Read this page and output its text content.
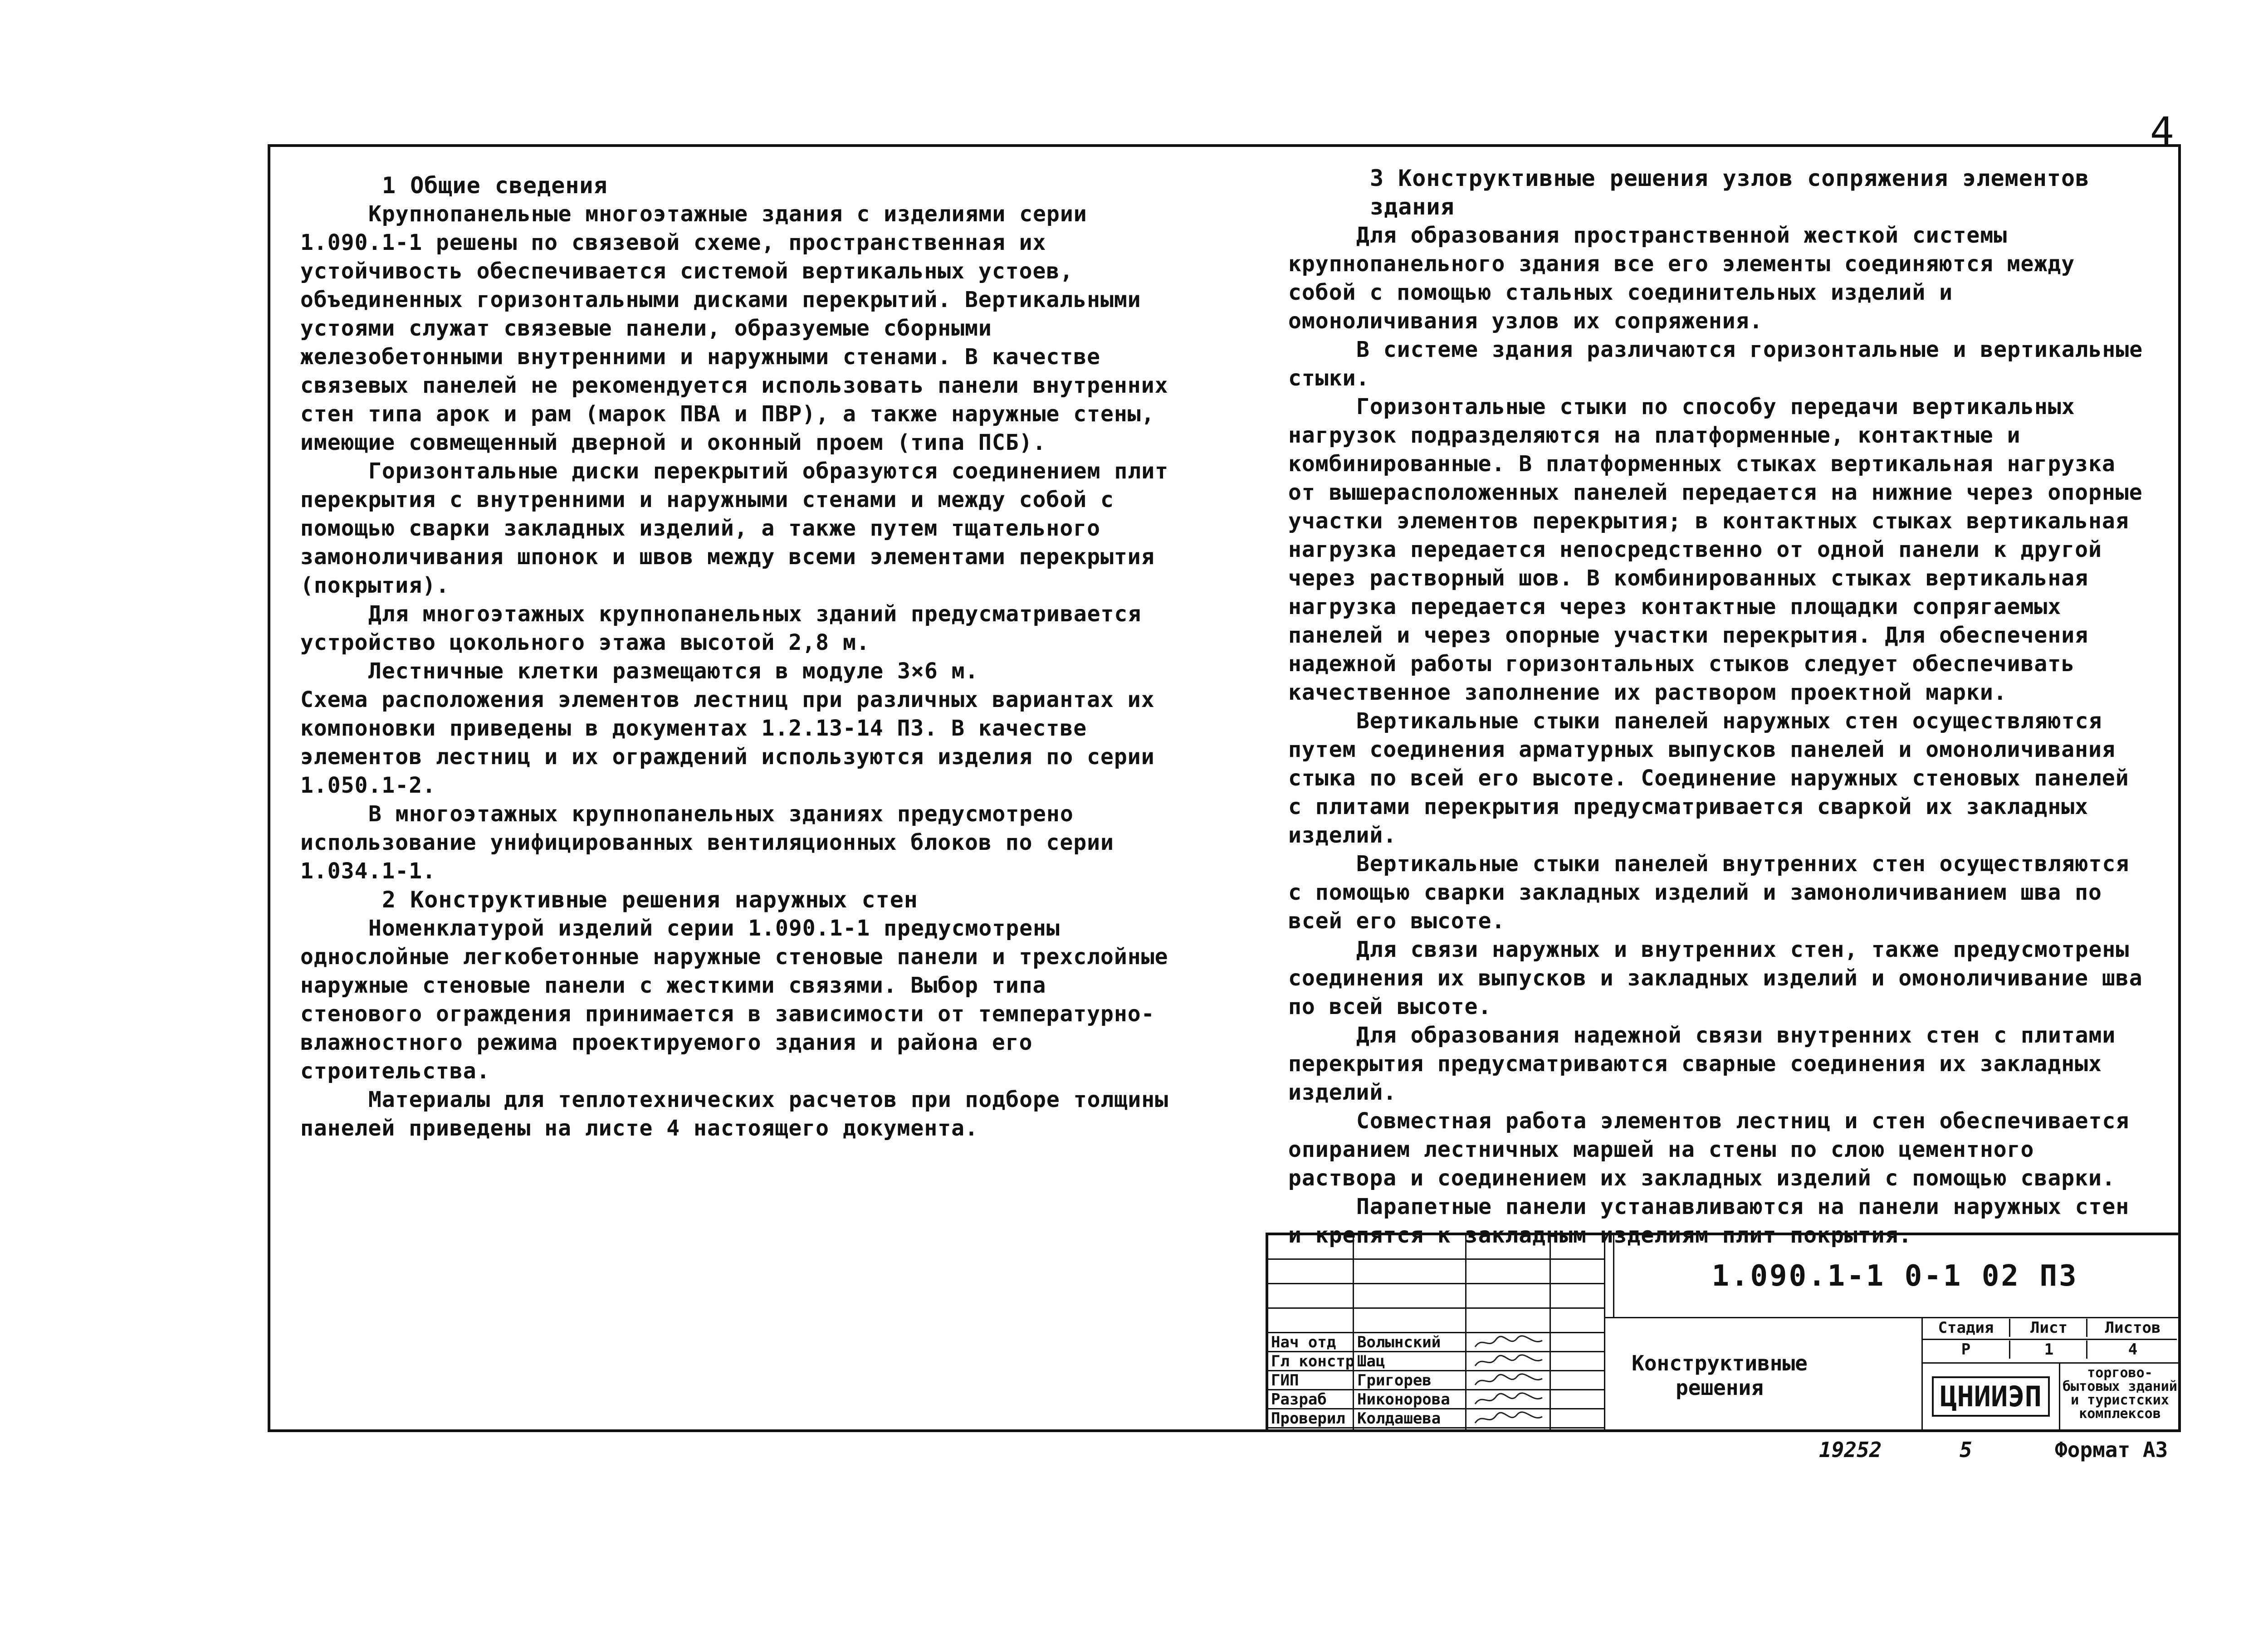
4
1 Общие сведения

Крупнопанельные многоэтажные здания с изделиями серии 1.090.1-1 решены по связевой схеме, пространственная их устойчивость обеспечивается системой вертикальных устоев, объединенных горизонтальными дисками перекрытий. Вертикальными устоями служат связевые панели, образуемые сборными железобетонными внутренними и наружными стенами. В качестве связевых панелей не рекомендуется использовать панели внутренних стен типа арок и рам (марок ПВА и ПВР), а также наружные стены, имеющие совмещенный дверной и оконный проем (типа ПСБ).

Горизонтальные диски перекрытий образуются соединением плит перекрытия с внутренними и наружными стенами и между собой с помощью сварки закладных изделий, а также путем тщательного замоноличивания шпонок и швов между всеми элементами перекрытия (покрытия).

Для многоэтажных крупнопанельных зданий предусматривается устройство цокольного этажа высотой 2,8 м.

Лестничные клетки размещаются в модуле 3×6 м.

Схема расположения элементов лестниц при различных вариантах их компоновки приведены в документах 1.2.1З-14 ПЗ. В качестве элементов лестниц и их ограждений используются изделия по серии 1.050.1-2.

В многоэтажных крупнопанельных зданиях предусмотрено использование унифицированных вентиляционных блоков по серии 1.034.1-1.

2 Конструктивные решения наружных стен

Номенклатурой изделий серии 1.090.1-1 предусмотрены однослойные легкобетонные наружные стеновые панели и трехслойные наружные стеновые панели с жесткими связями. Выбор типа стенового ограждения принимается в зависимости от температурно-влажностного режима проектируемого здания и района его строительства.

Материалы для теплотехнических расчетов при подборе толщины панелей приведены на листе 4 настоящего документа.

3 Конструктивные решения узлов сопряжения элементов здания

Для образования пространственной жесткой системы крупнопанельного здания все его элементы соединяются между собой с помощью стальных соединительных изделий и омоноличивания узлов их сопряжения.

В системе здания различаются горизонтальные и вертикальные стыки.

Горизонтальные стыки по способу передачи вертикальных нагрузок подразделяются на платформенные, контактные и комбинированные. В платформенных стыках вертикальная нагрузка от вышерасположенных панелей передается на нижние через опорные участки элементов перекрытия; в контактных стыках вертикальная нагрузка передается непосредственно от одной панели к другой через растворный шов. В комбинированных стыках вертикальная нагрузка передается через контактные площадки сопрягаемых панелей и через опорные участки перекрытия. Для обеспечения надежной работы горизонтальных стыков следует обеспечивать качественное заполнение их раствором проектной марки.

Вертикальные стыки панелей наружных стен осуществляются путем соединения арматурных выпусков панелей и омоноличивания стыка по всей его высоте. Соединение наружных стеновых панелей с плитами перекрытия предусматривается сваркой их закладных изделий.

Вертикальные стыки панелей внутренних стен осуществляются с помощью сварки закладных изделий и замоноличиванием шва по всей его высоте.

Для связи наружных и внутренних стен, также предусмотрены соединения их выпусков и закладных изделий и омоноличивание шва по всей высоте.

Для образования надежной связи внутренних стен с плитами перекрытия предусматриваются сварные соединения их закладных изделий.

Совместная работа элементов лестниц и стен обеспечивается опиранием лестничных маршей на стены по слою цементного раствора и соединением их закладных изделий с помощью сварки.

Парапетные панели устанавливаются на панели наружных стен и крепятся к закладным изделиям плит покрытия.

Нач отд Волынский
Гл констр Шац
ГИП	Григорев
Разраб Никонорова
Проверил Колдашева
1.090.1-1 0-1 02 ПЗ
Конструктивные решения
Стадия	Лист	Листов
Р	1	4
ЦНИИЭП
торгово-бытовых зданий и туристских комплексов
19252	5	Формат А3
